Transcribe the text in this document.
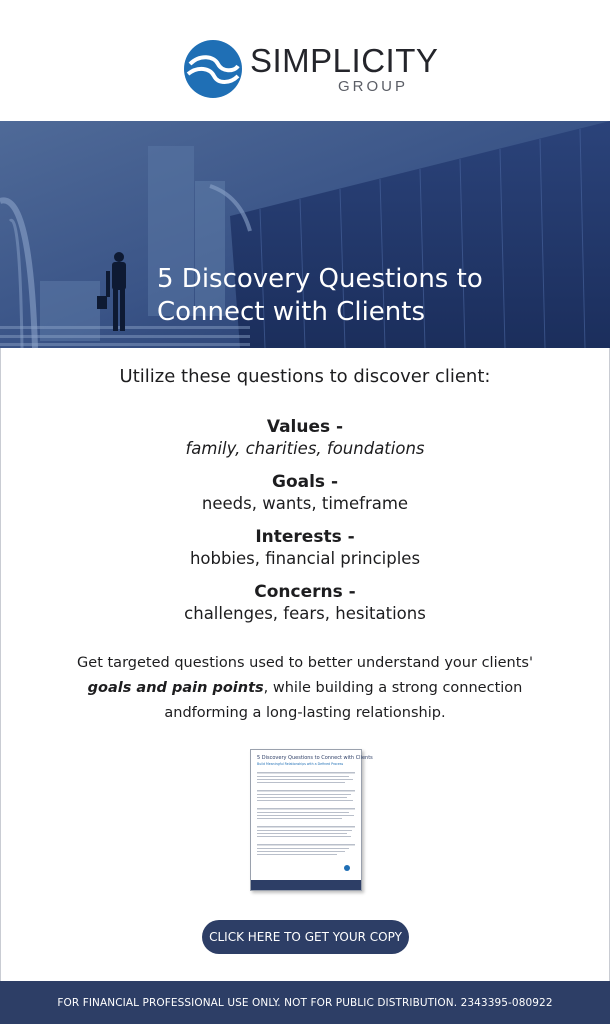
SIMPLICITY
GROUP
5 Discovery Questions to
Connect with Clients
Utilize these questions to discover client:
Values -
family, charities, foundations
Goals -
needs, wants, timeframe
Interests -
hobbies, financial principles
Concerns -
challenges, fears, hesitations
Get targeted questions used to better understand your clients'
goals and pain points, while building a strong connection
andforming a long-lasting relationship.
5 Discovery Questions to Connect with Clients
Build Meaningful Relationships with a Defined Process
CLICK HERE TO GET YOUR COPY
FOR FINANCIAL PROFESSIONAL USE ONLY. NOT FOR PUBLIC DISTRIBUTION. 2343395-080922
